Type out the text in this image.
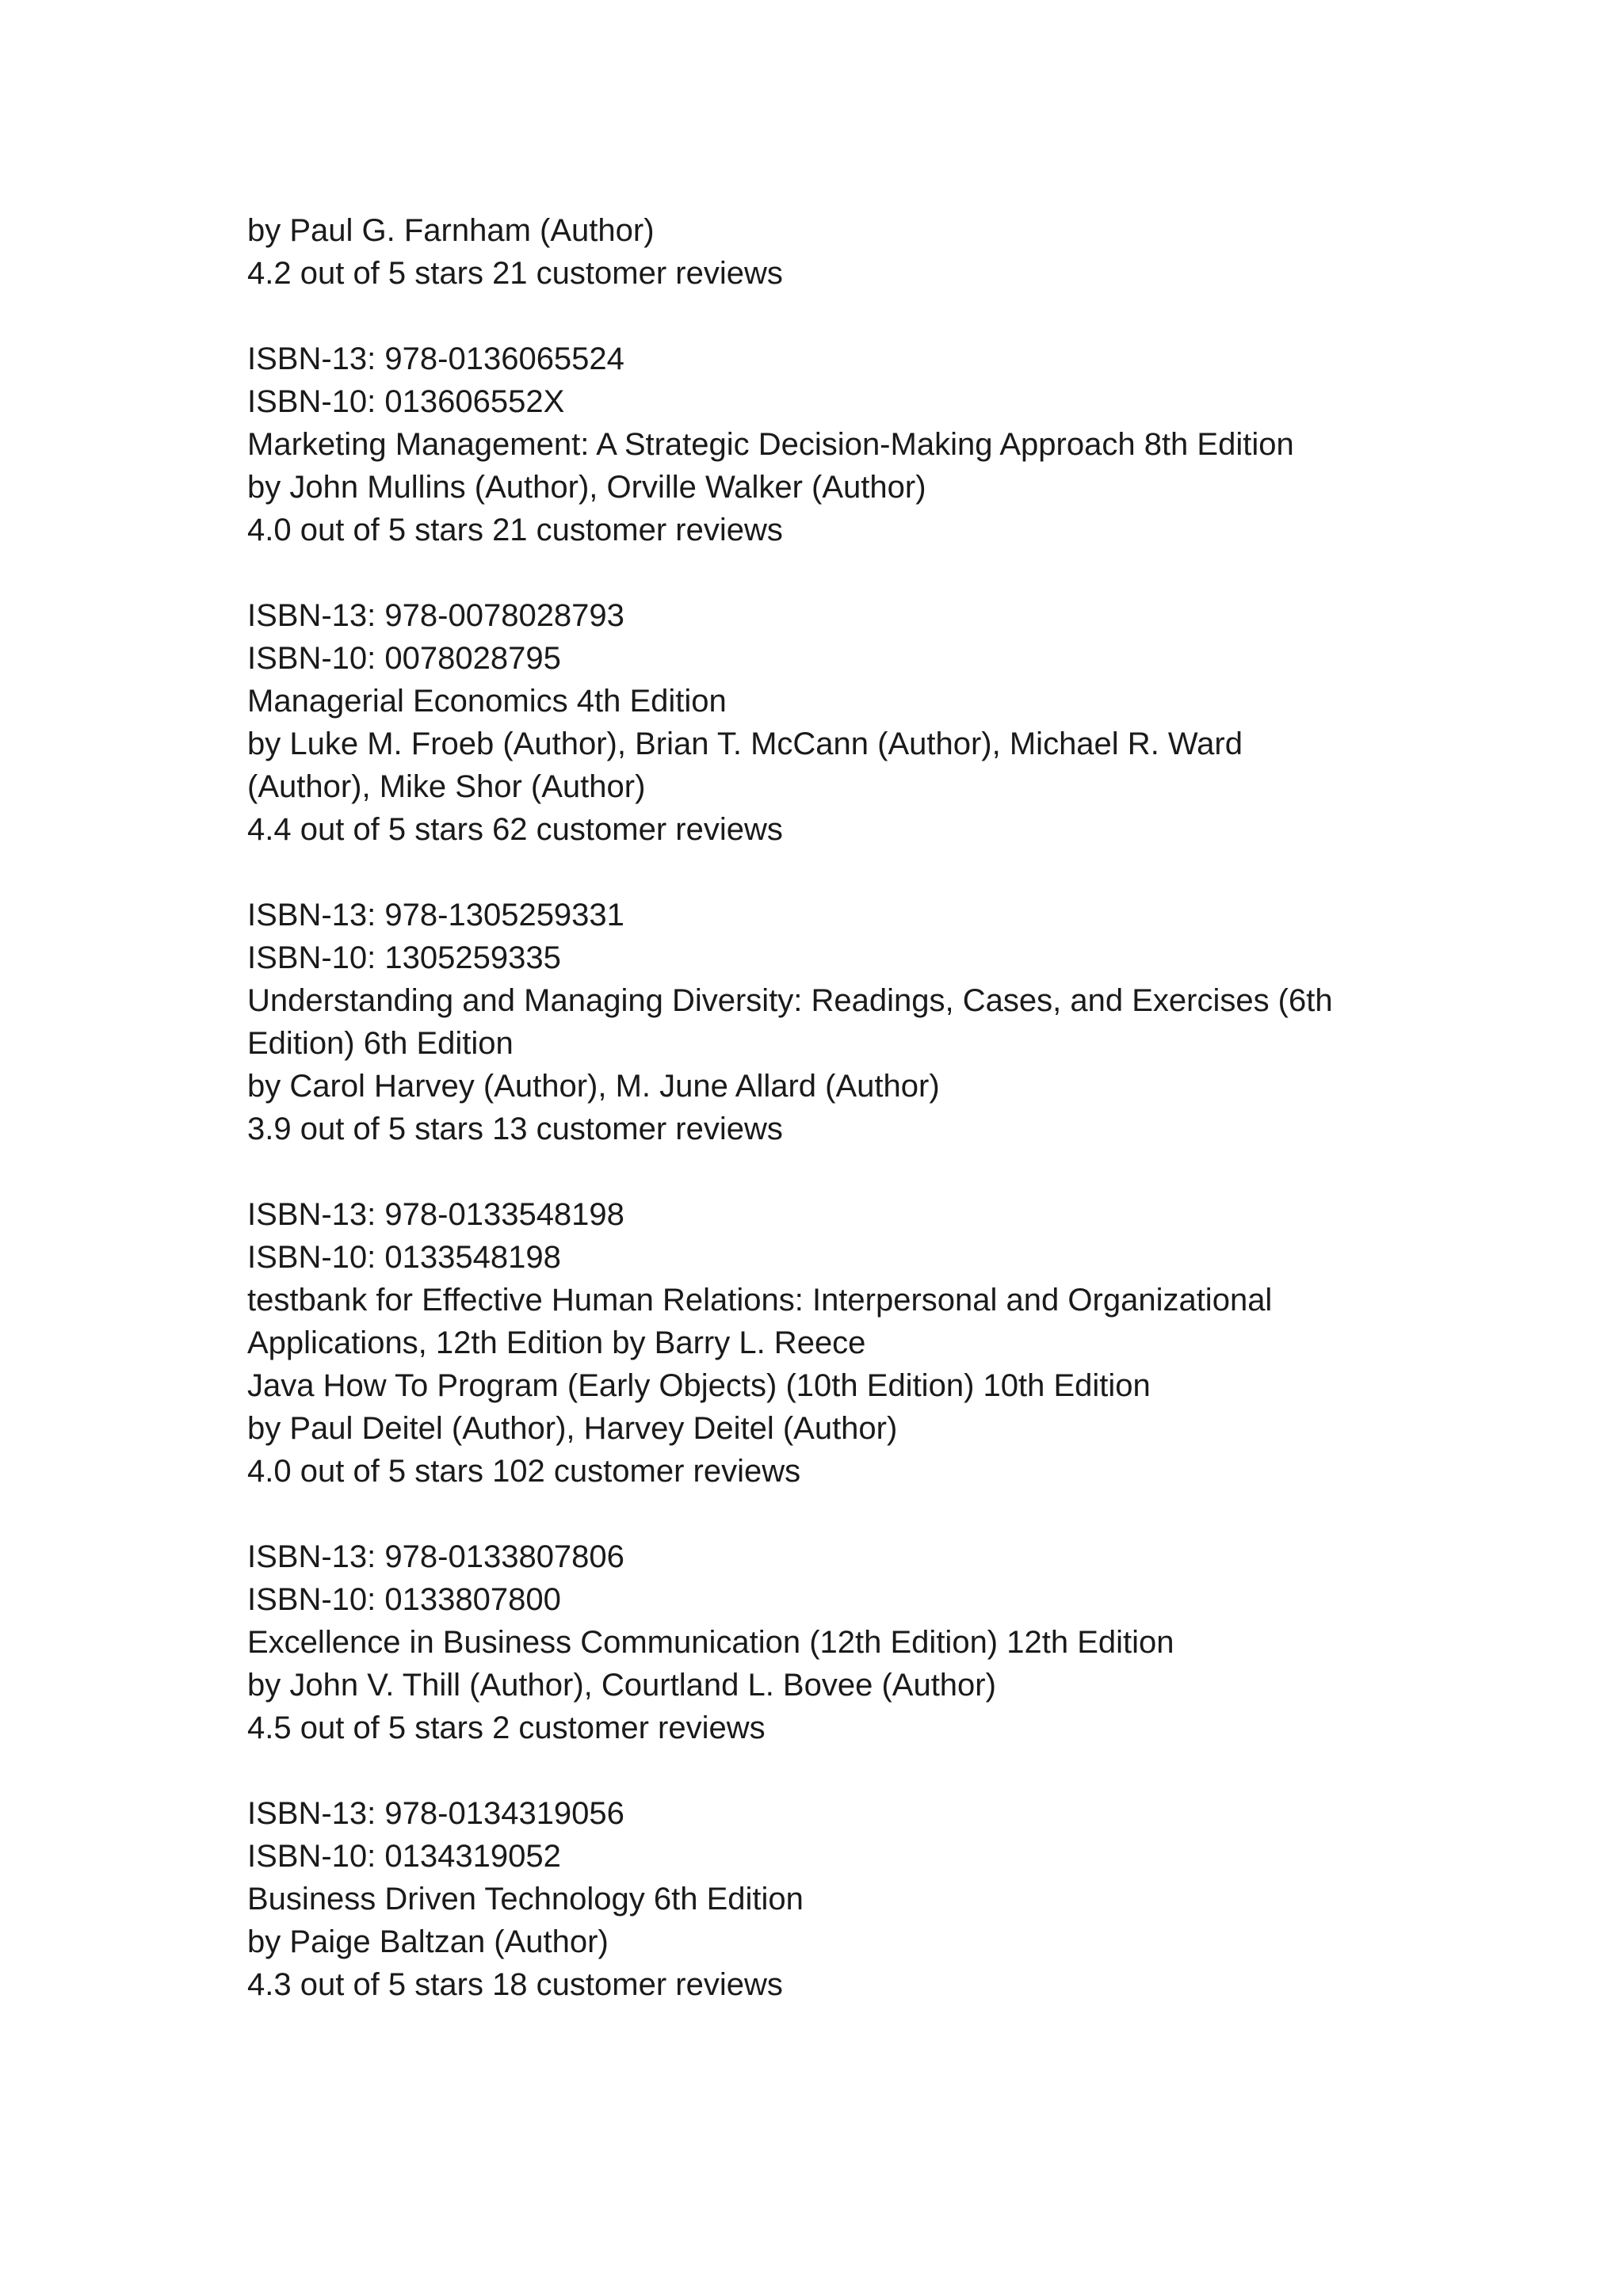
by Paul G. Farnham (Author)
4.2 out of 5 stars 21 customer reviews
ISBN-13: 978-0136065524
ISBN-10: 013606552X
Marketing Management: A Strategic Decision-Making Approach 8th Edition
by John Mullins (Author), Orville Walker (Author)
4.0 out of 5 stars 21 customer reviews
ISBN-13: 978-0078028793
ISBN-10: 0078028795
Managerial Economics 4th Edition
by Luke M. Froeb (Author), Brian T. McCann (Author), Michael R. Ward
(Author), Mike Shor (Author)
4.4 out of 5 stars 62 customer reviews
ISBN-13: 978-1305259331
ISBN-10: 1305259335
Understanding and Managing Diversity: Readings, Cases, and Exercises (6th
Edition) 6th Edition
by Carol Harvey (Author), M. June Allard (Author)
3.9 out of 5 stars 13 customer reviews
ISBN-13: 978-0133548198
ISBN-10: 0133548198
testbank for Effective Human Relations: Interpersonal and Organizational
Applications, 12th Edition by Barry L. Reece
Java How To Program (Early Objects) (10th Edition) 10th Edition
by Paul Deitel (Author), Harvey Deitel (Author)
4.0 out of 5 stars 102 customer reviews
ISBN-13: 978-0133807806
ISBN-10: 0133807800
Excellence in Business Communication (12th Edition) 12th Edition
by John V. Thill (Author), Courtland L. Bovee (Author)
4.5 out of 5 stars 2 customer reviews
ISBN-13: 978-0134319056
ISBN-10: 0134319052
Business Driven Technology 6th Edition
by Paige Baltzan (Author)
4.3 out of 5 stars 18 customer reviews
